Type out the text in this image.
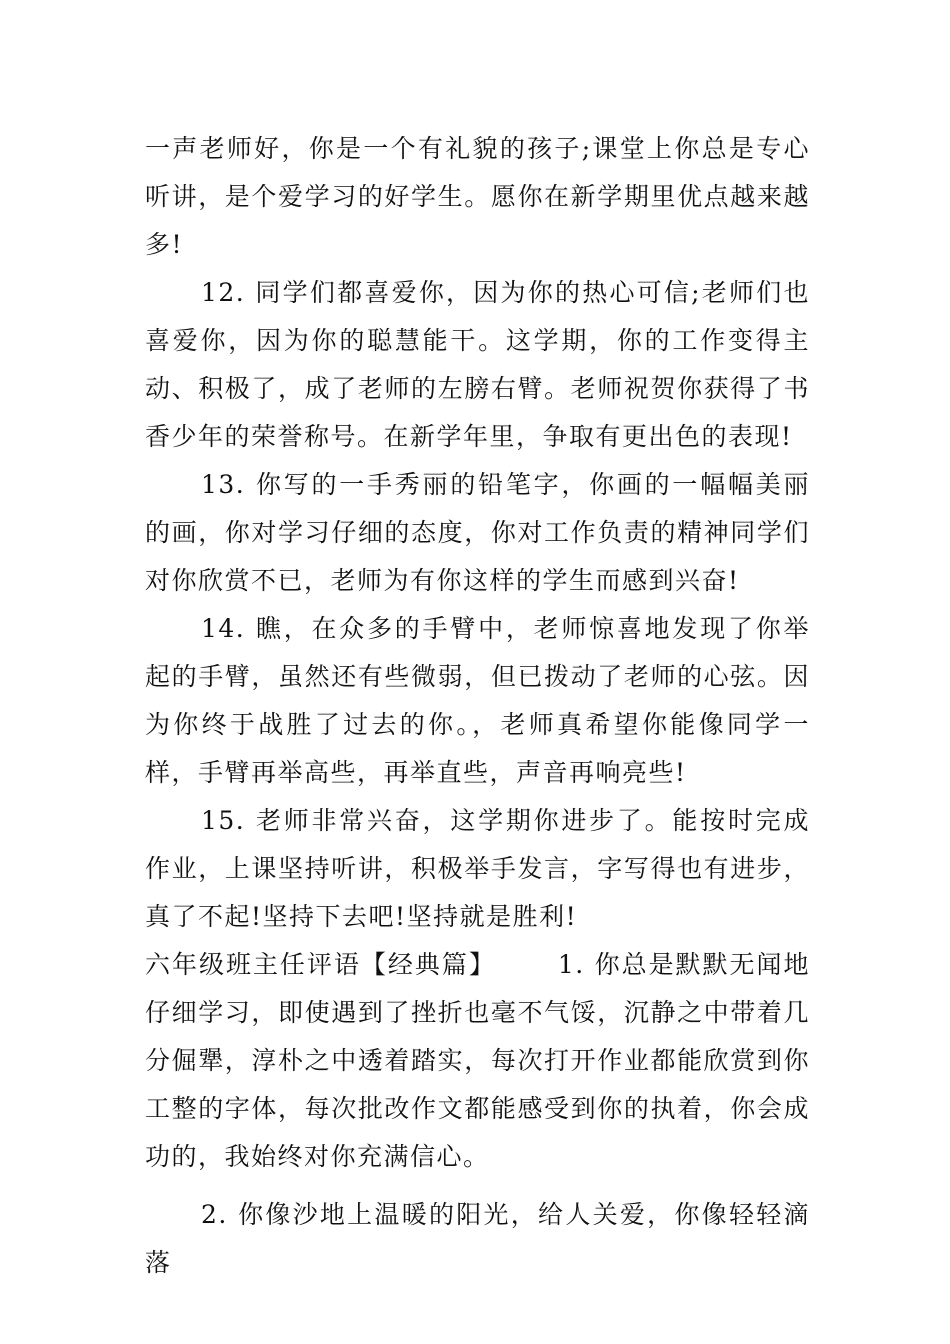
一声老师好，你是一个有礼貌的孩子;课堂上你总是专心听讲，是个爱学习的好学生。愿你在新学期里优点越来越多!

12. 同学们都喜爱你，因为你的热心可信;老师们也喜爱你，因为你的聪慧能干。这学期，你的工作变得主动、积极了，成了老师的左膀右臂。老师祝贺你获得了书香少年的荣誉称号。在新学年里，争取有更出色的表现!

13. 你写的一手秀丽的铅笔字，你画的一幅幅美丽的画，你对学习仔细的态度，你对工作负责的精神同学们对你欣赏不已，老师为有你这样的学生而感到兴奋!

14. 瞧，在众多的手臂中，老师惊喜地发现了你举起的手臂，虽然还有些微弱，但已拨动了老师的心弦。因为你终于战胜了过去的你。，老师真希望你能像同学一样，手臂再举高些，再举直些，声音再响亮些!

15. 老师非常兴奋，这学期你进步了。能按时完成作业，上课坚持听讲，积极举手发言，字写得也有进步，真了不起!坚持下去吧!坚持就是胜利!

六年级班主任评语【经典篇】 1. 你总是默默无闻地仔细学习，即使遇到了挫折也毫不气馁，沉静之中带着几分倔犟，淳朴之中透着踏实，每次打开作业都能欣赏到你工整的字体，每次批改作文都能感受到你的执着，你会成功的，我始终对你充满信心。

2. 你像沙地上温暖的阳光，给人关爱，你像轻轻滴落
